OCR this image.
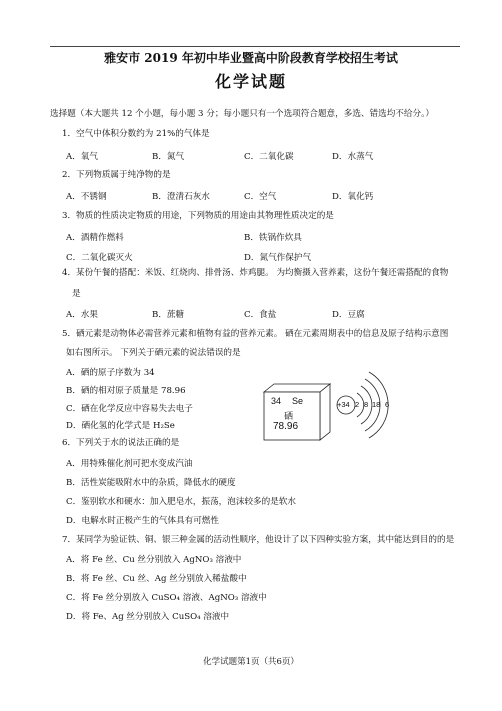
雅安市 2019 年初中毕业暨高中阶段教育学校招生考试
化学试题
选择题（本大题共 12 个小题，每小题 3 分；每小题只有一个选项符合题意，多选、错选均不给分。）
1．空气中体积分数约为 21%的气体是
A．氧气	B．氮气	C．二氧化碳	D．水蒸气
2．下列物质属于纯净物的是
A．不锈钢	B．澄清石灰水	C．空气	D．氧化钙
3．物质的性质决定物质的用途，下列物质的用途由其物理性质决定的是
A．酒精作燃料	B．铁锅作炊具
C．二氧化碳灭火	D．氮气作保护气
4．某份午餐的搭配：米饭、红烧肉、排骨汤、炸鸡腿。 为均衡摄入营养素，这份午餐还需搭配的食物
是
A．水果	B．蔗糖	C．食盐	D．豆腐
5．硒元素是动物体必需营养元素和植物有益的营养元素。 硒在元素周期表中的信息及原子结构示意图
如右图所示。 下列关于硒元素的说法错误的是
A．硒的原子序数为 34
B．硒的相对原子质量是 78.96
C．硒在化学反应中容易失去电子
D．硒化氢的化学式是 H₂Se
34 Se
硒
78.96
+34 2 8 18 6
6．下列关于水的说法正确的是
A．用特殊催化剂可把水变成汽油
B．活性炭能吸附水中的杂质，降低水的硬度
C．鉴别软水和硬水：加入肥皂水，振荡，泡沫较多的是软水
D．电解水时正极产生的气体具有可燃性
7．某同学为验证铁、铜、银三种金属的活动性顺序，他设计了以下四种实验方案，其中能达到目的的是
A．将 Fe 丝、Cu 丝分别放入 AgNO₃ 溶液中
B．将 Fe 丝、Cu 丝、Ag 丝分别放入稀盐酸中
C．将 Fe 丝分别放入 CuSO₄ 溶液、AgNO₃ 溶液中
D．将 Fe、Ag 丝分别放入 CuSO₄ 溶液中
化学试题第1页（共6页）
